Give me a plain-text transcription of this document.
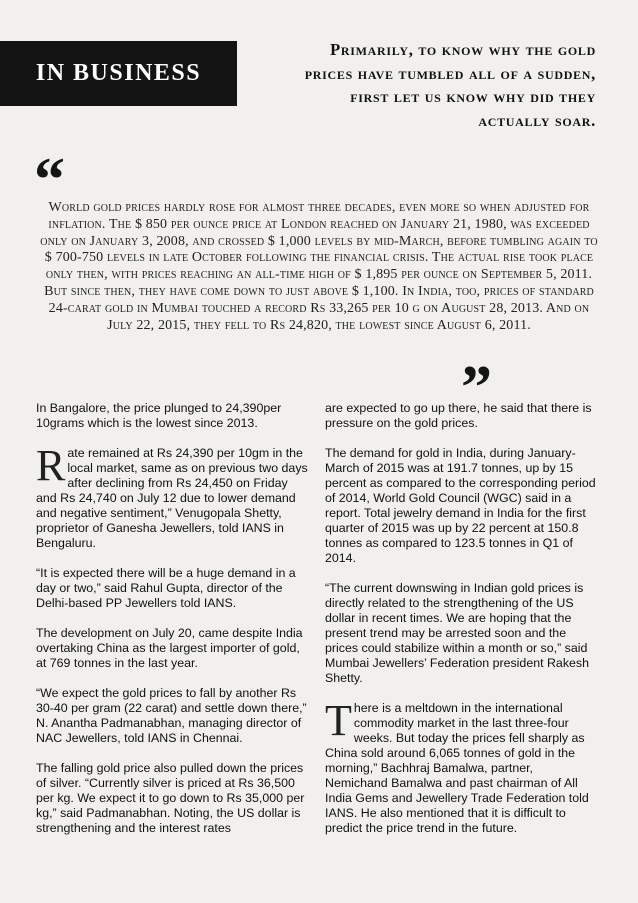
IN BUSINESS
Primarily, to know why the gold prices have tumbled all of a sudden, first let us know why did they actually soar.
“
World gold prices hardly rose for almost three decades, even more so when adjusted for inflation. The $ 850 per ounce price at London reached on January 21, 1980, was exceeded only on January 3, 2008, and crossed $ 1,000 levels by mid-March, before tumbling again to $ 700-750 levels in late October following the financial crisis. The actual rise took place only then, with prices reaching an all-time high of $ 1,895 per ounce on September 5, 2011. But since then, they have come down to just above $ 1,100. In India, too, prices of standard 24-carat gold in Mumbai touched a record Rs 33,265 per 10 g on August 28, 2013. And on July 22, 2015, they fell to Rs 24,820, the lowest since August 6, 2011.
”

In Bangalore, the price plunged to 24,390per 10grams which is the lowest since 2013.

Rate remained at Rs 24,390 per 10gm in the local market, same as on previous two days after declining from Rs 24,450 on Friday and Rs 24,740 on July 12 due to lower demand and negative sentiment,” Venugopala Shetty, proprietor of Ganesha Jewellers, told IANS in Bengaluru.

“It is expected there will be a huge demand in a day or two,” said Rahul Gupta, director of the Delhi-based PP Jewellers told IANS.

The development on July 20, came despite India overtaking China as the largest importer of gold, at 769 tonnes in the last year.

“We expect the gold prices to fall by another Rs 30-40 per gram (22 carat) and settle down there,” N. Anantha Padmanabhan, managing director of NAC Jewellers, told IANS in Chennai.

The falling gold price also pulled down the prices of silver. “Currently silver is priced at Rs 36,500 per kg. We expect it to go down to Rs 35,000 per kg,” said Padmanabhan. Noting, the US dollar is strengthening and the interest rates

are expected to go up there, he said that there is pressure on the gold prices.

The demand for gold in India, during January-March of 2015 was at 191.7 tonnes, up by 15 percent as compared to the corresponding period of 2014, World Gold Council (WGC) said in a report. Total jewelry demand in India for the first quarter of 2015 was up by 22 percent at 150.8 tonnes as compared to 123.5 tonnes in Q1 of 2014.

“The current downswing in Indian gold prices is directly related to the strengthening of the US dollar in recent times. We are hoping that the present trend may be arrested soon and the prices could stabilize within a month or so,” said Mumbai Jewellers’ Federation president Rakesh Shetty.

There is a meltdown in the international commodity market in the last three-four weeks. But today the prices fell sharply as China sold around 6,065 tonnes of gold in the morning,” Bachhraj Bamalwa, partner, Nemichand Bamalwa and past chairman of All India Gems and Jewellery Trade Federation told IANS. He also mentioned that it is difficult to predict the price trend in the future.
